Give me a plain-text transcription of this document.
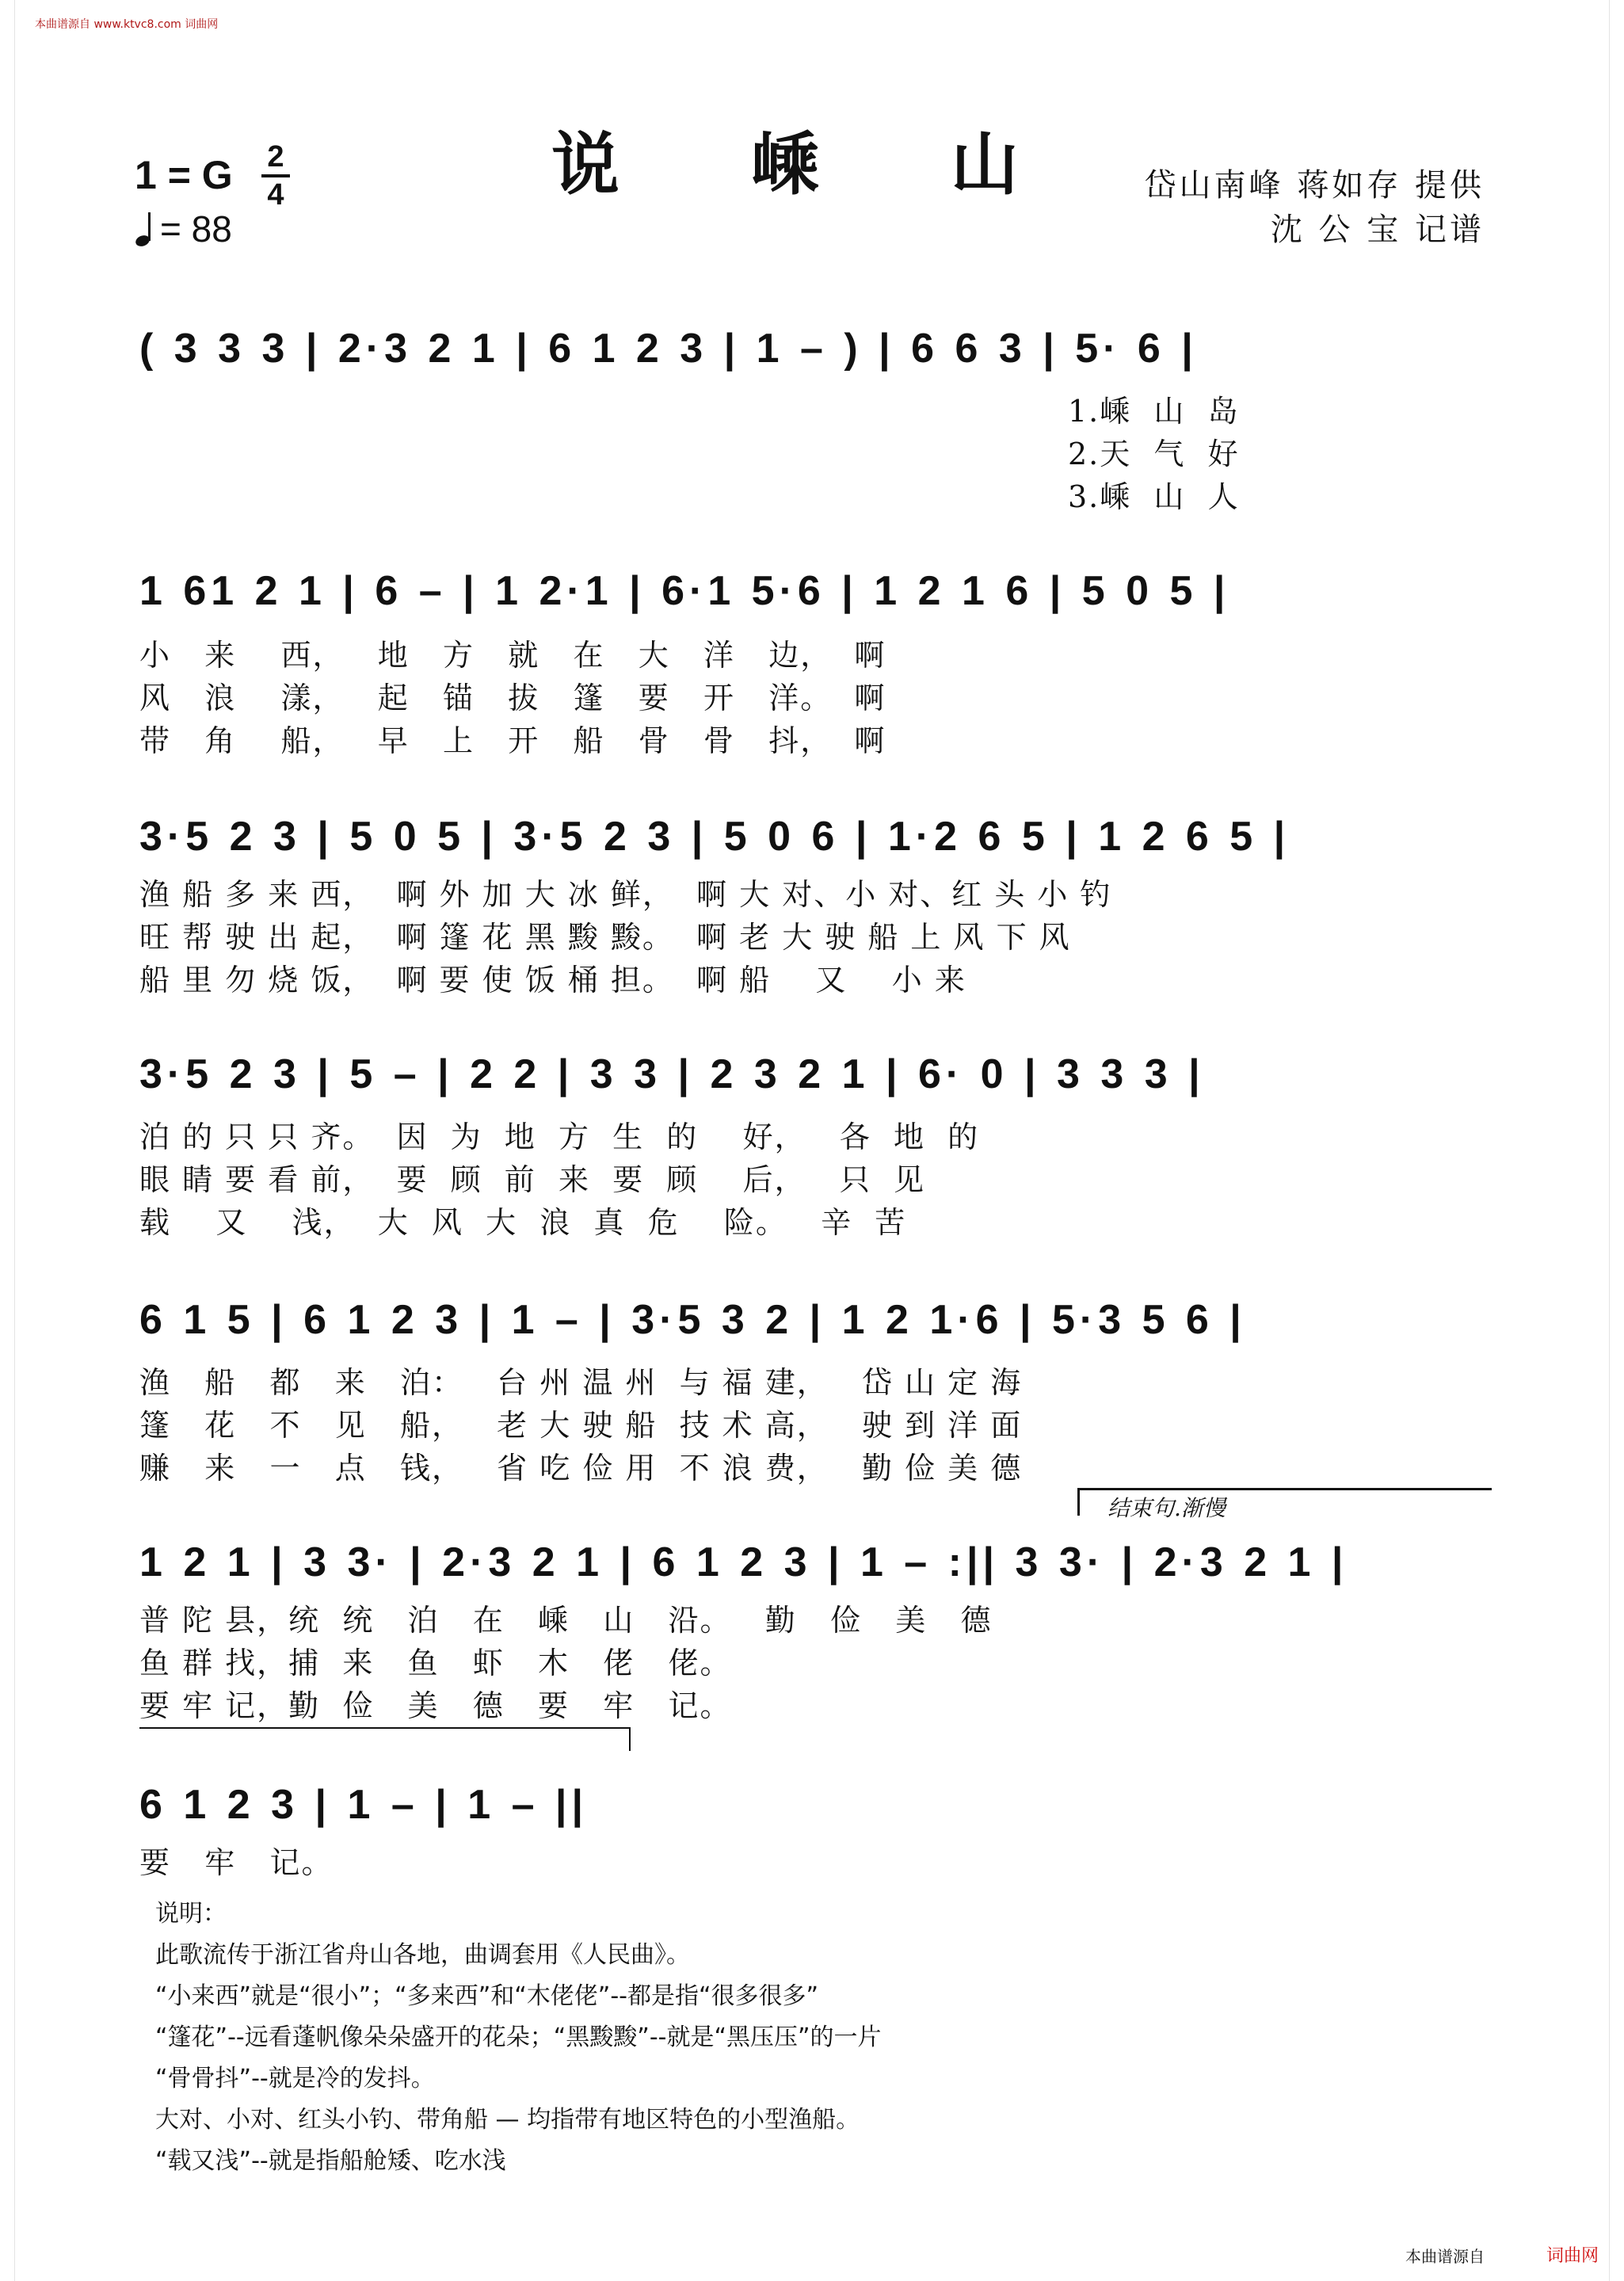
本曲谱源自 www.ktvc8.com 词曲网
说 嵊 山
1 = G 2
4
= 88
岱山南峰 蒋如存 提供
沈 公 宝 记谱
( 3 3 3 | 2·3 2 1 | 6 1 2 3 | 1 – ) | 6 6 3 | 5· 6 |
1.嵊  山  岛
2.天  气  好
3.嵊  山  人
1 61 2 1 | 6 – | 1 2·1 | 6·1 5·6 | 1 2 1 6 | 5 0 5 |
小   来    西，   地   方   就   在   大   洋   边，  啊
风   浪    漾，   起   锚   拔   篷   要   开   洋。  啊
带   角    船，   早   上   开   船   骨   骨   抖，  啊
3·5 2 3 | 5 0 5 | 3·5 2 3 | 5 0 6 | 1·2 6 5 | 1 2 6 5 |
渔 船 多 来 西，  啊 外 加 大 冰 鲜，  啊 大 对、小 对、红 头 小 钓
旺 帮 驶 出 起，  啊 篷 花 黑 黢 黢。  啊 老 大 驶 船 上 风 下 风
船 里 勿 烧 饭，  啊 要 使 饭 桶 担。  啊 船    又    小 来
3·5 2 3 | 5 – | 2 2 | 3 3 | 2 3 2 1 | 6· 0 | 3 3 3 |
泊 的 只 只 齐。  因  为  地  方  生  的    好，   各  地  的
眼 睛 要 看 前，  要  顾  前  来  要  顾    后，   只  见
载    又    浅，  大  风  大  浪  真  危    险。   辛  苦
6 1 5 | 6 1 2 3 | 1 – | 3·5 3 2 | 1 2 1·6 | 5·3 5 6 |
渔   船   都   来   泊：   台 州 温 州  与 福 建，   岱 山 定 海
篷   花   不   见   船，   老 大 驶 船  技 术 高，   驶 到 洋 面
赚   来   一   点   钱，   省 吃 俭 用  不 浪 费，   勤 俭 美 德
结束句.渐慢
1 2 1 | 3 3· | 2·3 2 1 | 6 1 2 3 | 1 – :|| 3 3· | 2·3 2 1 |
普 陀 县，统  统   泊   在   嵊   山   沿。   勤   俭   美   德
鱼 群 找，捕  来   鱼   虾   木   佬   佬。
要 牢 记，勤  俭   美   德   要   牢   记。
6 1 2 3 | 1 – | 1 – ||
要   牢   记。
说明：
此歌流传于浙江省舟山各地，曲调套用《人民曲》。
“小来西”就是“很小”；“多来西”和“木佬佬”--都是指“很多很多”
“篷花”--远看蓬帆像朵朵盛开的花朵；“黑黢黢”--就是“黑压压”的一片
“骨骨抖”--就是冷的发抖。
大对、小对、红头小钓、带角船 — 均指带有地区特色的小型渔船。
“载又浅”--就是指船舱矮、吃水浅
本曲谱源自	词曲网
